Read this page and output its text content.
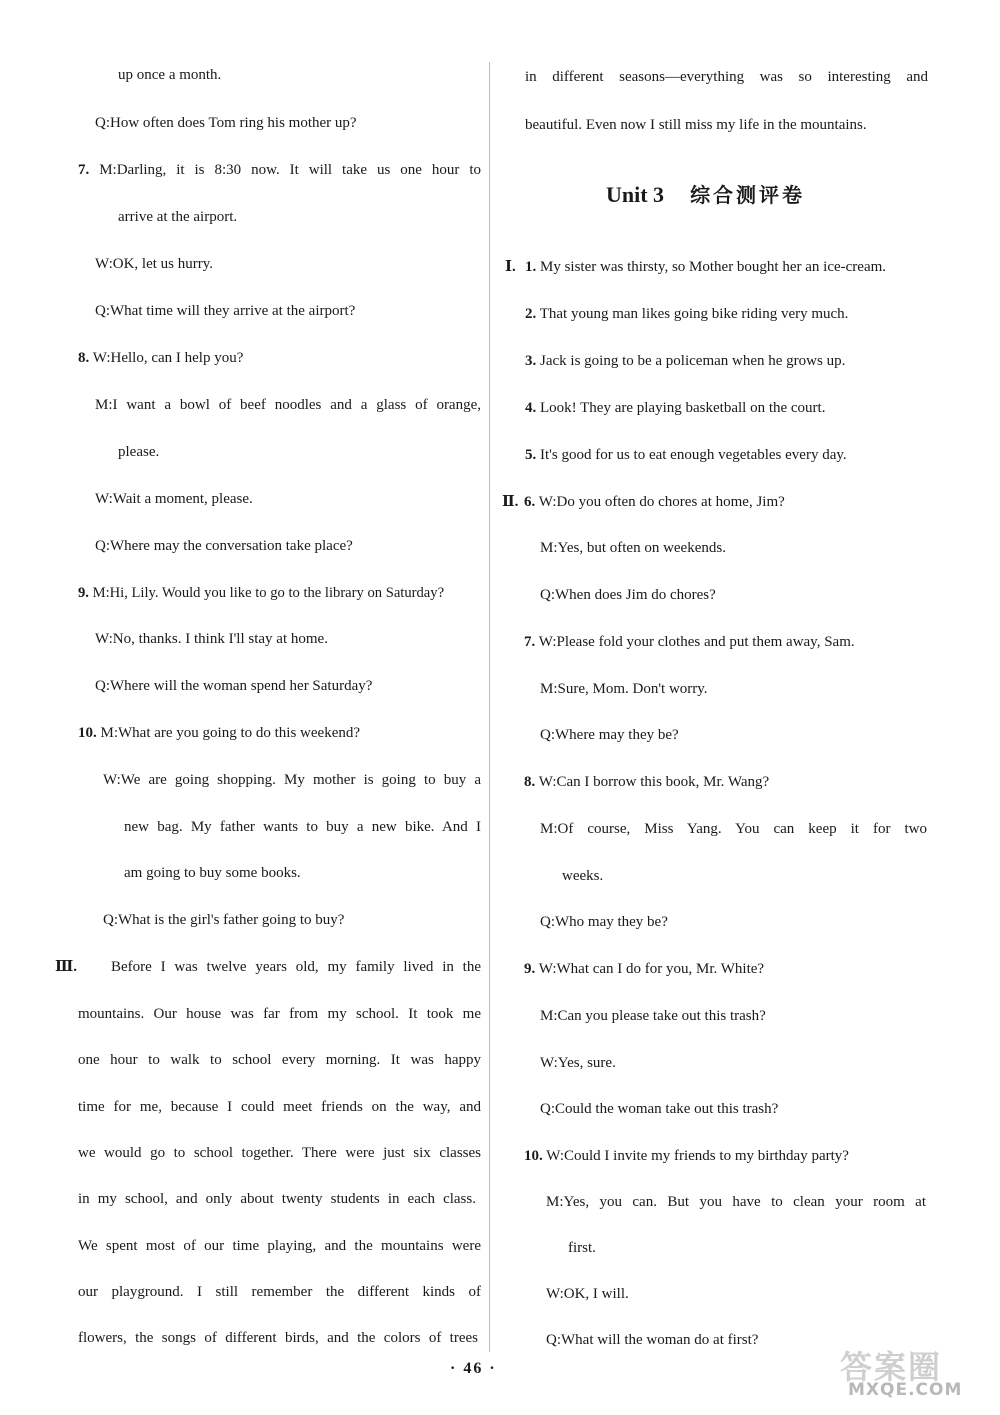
up once a month.
Q:How often does Tom ring his mother up?
7. M:Darling, it is 8:30 now. It will take us one hour to
arrive at the airport.
W:OK, let us hurry.
Q:What time will they arrive at the airport?
8. W:Hello, can I help you?
M:I want a bowl of beef noodles and a glass of orange,
please.
W:Wait a moment, please.
Q:Where may the conversation take place?
9. M:Hi, Lily. Would you like to go to the library on Saturday?
W:No, thanks. I think I'll stay at home.
Q:Where will the woman spend her Saturday?
10. M:What are you going to do this weekend?
W:We are going shopping. My mother is going to buy a
new bag. My father wants to buy a new bike. And I
am going to buy some books.
Q:What is the girl's father going to buy?
Ⅲ. Before I was twelve years old, my family lived in the
mountains. Our house was far from my school. It took me
one hour to walk to school every morning. It was happy
time for me, because I could meet friends on the way, and
we would go to school together. There were just six classes
in my school, and only about twenty students in each class.
We spent most of our time playing, and the mountains were
our playground. I still remember the different kinds of
flowers, the songs of different birds, and the colors of trees
in different seasons—everything was so interesting and
beautiful. Even now I still miss my life in the mountains.
Unit 3 综合测评卷
Ⅰ. 1. My sister was thirsty, so Mother bought her an ice-cream.
2. That young man likes going bike riding very much.
3. Jack is going to be a policeman when he grows up.
4. Look! They are playing basketball on the court.
5. It's good for us to eat enough vegetables every day.
Ⅱ. 6. W:Do you often do chores at home, Jim?
M:Yes, but often on weekends.
Q:When does Jim do chores?
7. W:Please fold your clothes and put them away, Sam.
M:Sure, Mom. Don't worry.
Q:Where may they be?
8. W:Can I borrow this book, Mr. Wang?
M:Of course, Miss Yang. You can keep it for two
weeks.
Q:Who may they be?
9. W:What can I do for you, Mr. White?
M:Can you please take out this trash?
W:Yes, sure.
Q:Could the woman take out this trash?
10. W:Could I invite my friends to my birthday party?
M:Yes, you can. But you have to clean your room at
first.
W:OK, I will.
Q:What will the woman do at first?
· 46 ·	答案圈
MXQE.COM
